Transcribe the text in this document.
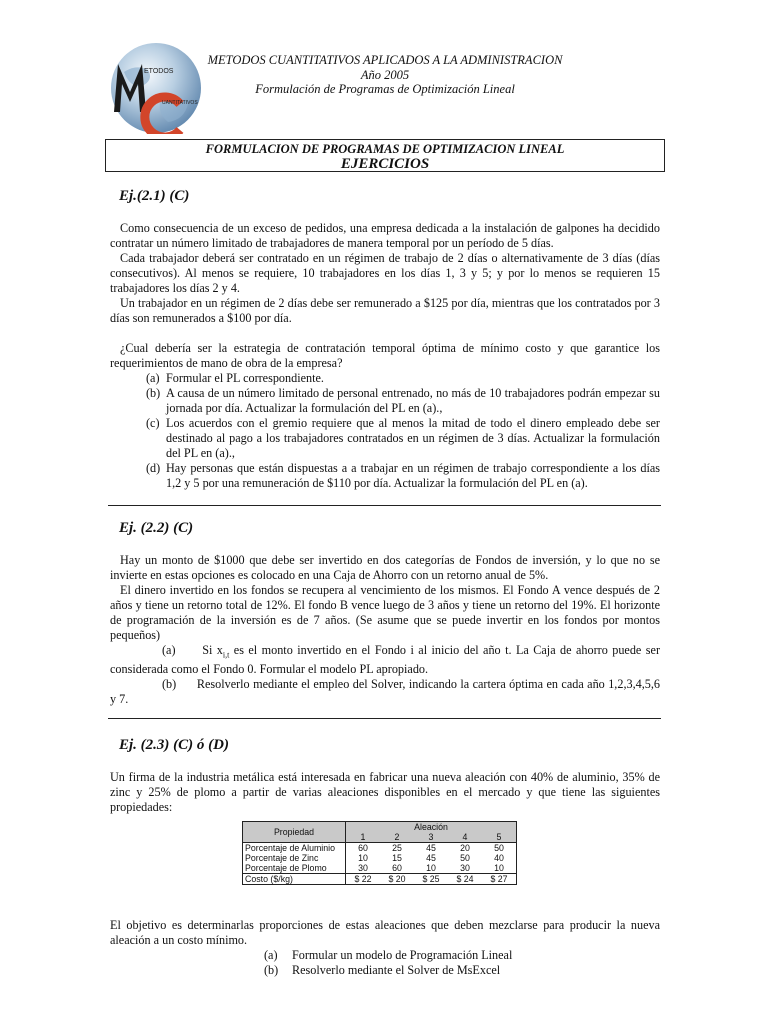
ETODOS
UANTITATIVOS
METODOS CUANTITATIVOS APLICADOS A LA ADMINISTRACION
Año 2005
Formulación de Programas de Optimización Lineal
FORMULACION DE PROGRAMAS DE OPTIMIZACION LINEAL
EJERCICIOS
Ej.(2.1) (C)

Como consecuencia de un exceso de pedidos, una empresa dedicada a la instalación de galpones ha decidido contratar un número limitado de trabajadores de manera temporal por un período de 5 días.

Cada trabajador deberá ser contratado en un régimen de trabajo de 2 días o alternativamente de 3 días (días consecutivos). Al menos se requiere, 10 trabajadores en los días 1, 3 y 5; y por lo menos se requieren 15 trabajadores los días 2 y 4.

Un trabajador en un régimen de 2 días debe ser remunerado a $125 por día, mientras que los contratados por 3 días son remunerados a $100 por día.

¿Cual debería ser la estrategia de contratación temporal óptima de mínimo costo y que garantice los requerimientos de mano de obra de la empresa?

(a) Formular el PL correspondiente.
(b) A causa de un número limitado de personal entrenado, no más de 10 trabajadores podrán empezar su jornada por día. Actualizar la formulación del PL en (a).,
(c) Los acuerdos con el gremio requiere que al menos la mitad de todo el dinero empleado debe ser destinado al pago a los trabajadores contratados en un régimen de 3 días. Actualizar la formulación del PL en (a).,
(d) Hay personas que están dispuestas a a trabajar en un régimen de trabajo correspondiente a los días 1,2 y 5 por una remuneración de $110 por día. Actualizar la formulación del PL en (a).
Ej. (2.2) (C)

Hay un monto de $1000 que debe ser invertido en dos categorías de Fondos de inversión, y lo que no se invierte en estas opciones es colocado en una Caja de Ahorro con un retorno anual de 5%.

El dinero invertido en los fondos se recupera al vencimiento de los mismos. El Fondo A vence después de 2 años y tiene un retorno total de 12%. El fondo B vence luego de 3 años y tiene un retorno del 19%. El horizonte de programación de la inversión es de 7 años. (Se asume que se puede invertir en los fondos por montos pequeños)

(a) Si $x_{i,t}$ es el monto invertido en el Fondo i al inicio del año t. La Caja de ahorro puede ser considerada como el Fondo 0. Formular el modelo PL apropiado.

(b) Resolverlo mediante el empleo del Solver, indicando la cartera óptima en cada año 1,2,3,4,5,6 y 7.

Ej. (2.3) (C) ó (D)
Un firma de la industria metálica está interesada en fabricar una nueva aleación con 40% de aluminio, 35% de zinc y 25% de plomo a partir de varias aleaciones disponibles en el mercado y que tiene las siguientes propiedades:
Propiedad	Aleación				
	1	2	3	4	5
Porcentaje de Aluminio	60	25	45	20	50
Porcentaje de Zinc	10	15	45	50	40
Porcentaje de Plomo	30	60	10	30	10
Costo ($/kg)	$ 22	$ 20	$ 25	$ 24	$ 27
El objetivo es determinarlas proporciones de estas aleaciones que deben mezclarse para producir la nueva aleación a un costo mínimo.
(a) Formular un modelo de Programación Lineal
(b) Resolverlo mediante el Solver de MsExcel
